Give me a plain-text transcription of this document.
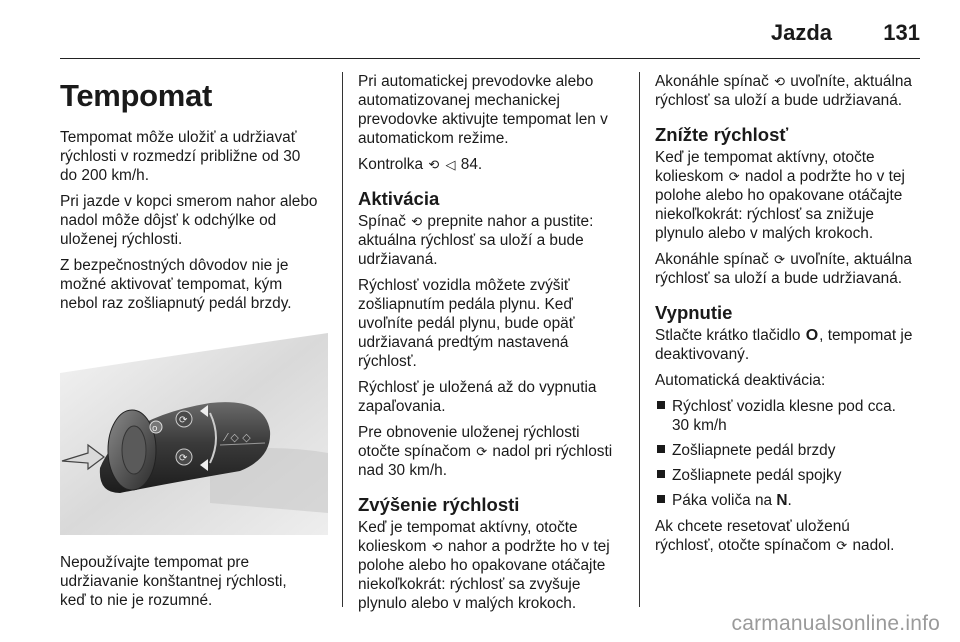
Jazda 131
Tempomat

Tempomat môže uložiť a udržiavať
rýchlosti v rozmedzí približne od 30
do 200 km/h.

Pri jazde v kopci smerom nahor alebo
nadol môže dôjsť k odchýlke od
uloženej rýchlosti.

Z bezpečnostných dôvodov nie je
možné aktivovať tempomat, kým
nebol raz zošliapnutý pedál brzdy.

o
⟳
⟳
⁄ ◇ ◇

Nepoužívajte tempomat pre
udržiavanie konštantnej rýchlosti,
keď to nie je rozumné.

Pri automatickej prevodovke alebo
automatizovanej mechanickej
prevodovke aktivujte tempomat len v
automatickom režime.

Kontrolka ⟲ ◁ 84.

Aktivácia

Spínač ⟲ prepnite nahor a pustite:
aktuálna rýchlosť sa uloží a bude
udržiavaná.

Rýchlosť vozidla môžete zvýšiť
zošliapnutím pedála plynu. Keď
uvoľníte pedál plynu, bude opäť
udržiavaná predtým nastavená
rýchlosť.

Rýchlosť je uložená až do vypnutia
zapaľovania.

Pre obnovenie uloženej rýchlosti
otočte spínačom ⟳ nadol pri rýchlosti
nad 30 km/h.

Zvýšenie rýchlosti

Keď je tempomat aktívny, otočte
kolieskom ⟲ nahor a podržte ho v tej
polohe alebo ho opakovane otáčajte
niekoľkokrát: rýchlosť sa zvyšuje
plynulo alebo v malých krokoch.

Akonáhle spínač ⟲ uvoľníte, aktuálna
rýchlosť sa uloží a bude udržiavaná.

Znížte rýchlosť

Keď je tempomat aktívny, otočte
kolieskom ⟳ nadol a podržte ho v tej
polohe alebo ho opakovane otáčajte
niekoľkokrát: rýchlosť sa znižuje
plynulo alebo v malých krokoch.

Akonáhle spínač ⟳ uvoľníte, aktuálna
rýchlosť sa uloží a bude udržiavaná.

Vypnutie

Stlačte krátko tlačidlo O, tempomat je
deaktivovaný.

Automatická deaktivácia:

Rýchlosť vozidla klesne pod cca.
30 km/h
Zošliapnete pedál brzdy
Zošliapnete pedál spojky
Páka voliča na N.

Ak chcete resetovať uloženú
rýchlosť, otočte spínačom ⟳ nadol.

carmanualsonline.info
